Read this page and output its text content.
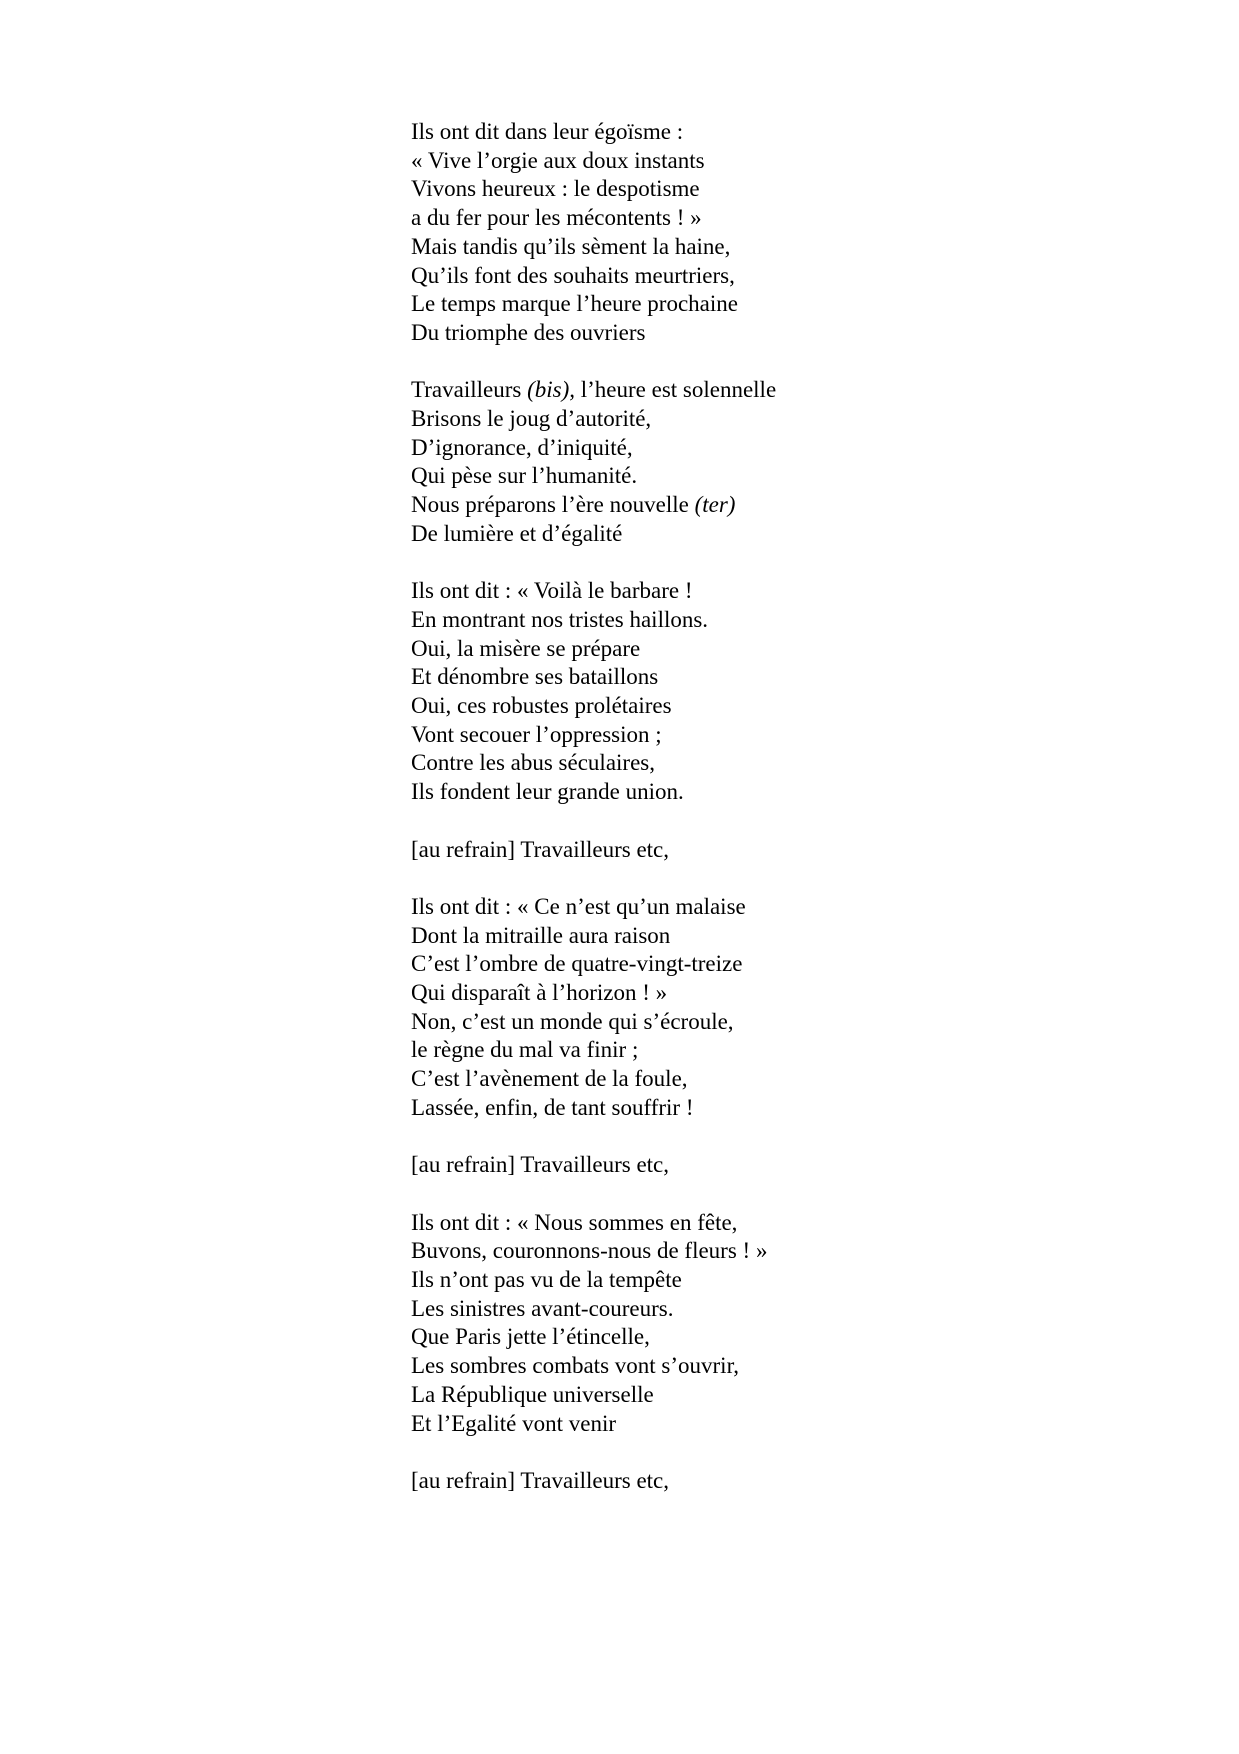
Ils ont dit dans leur égoïsme :
« Vive l’orgie aux doux instants
Vivons heureux : le despotisme
a du fer pour les mécontents ! »
Mais tandis qu’ils sèment la haine,
Qu’ils font des souhaits meurtriers,
Le temps marque l’heure prochaine
Du triomphe des ouvriers
Travailleurs (bis), l’heure est solennelle
Brisons le joug d’autorité,
D’ignorance, d’iniquité,
Qui pèse sur l’humanité.
Nous préparons l’ère nouvelle (ter)
De lumière et d’égalité
Ils ont dit : « Voilà le barbare !
En montrant nos tristes haillons.
Oui, la misère se prépare
Et dénombre ses bataillons
Oui, ces robustes prolétaires
Vont secouer l’oppression ;
Contre les abus séculaires,
Ils fondent leur grande union.
[au refrain] Travailleurs etc,
Ils ont dit : « Ce n’est qu’un malaise
Dont la mitraille aura raison
C’est l’ombre de quatre-vingt-treize
Qui disparaît à l’horizon ! »
Non, c’est un monde qui s’écroule,
le règne du mal va finir ;
C’est l’avènement de la foule,
Lassée, enfin, de tant souffrir !
[au refrain] Travailleurs etc,
Ils ont dit : « Nous sommes en fête,
Buvons, couronnons-nous de fleurs ! »
Ils n’ont pas vu de la tempête
Les sinistres avant-coureurs.
Que Paris jette l’étincelle,
Les sombres combats vont s’ouvrir,
La République universelle
Et l’Egalité vont venir
[au refrain] Travailleurs etc,
